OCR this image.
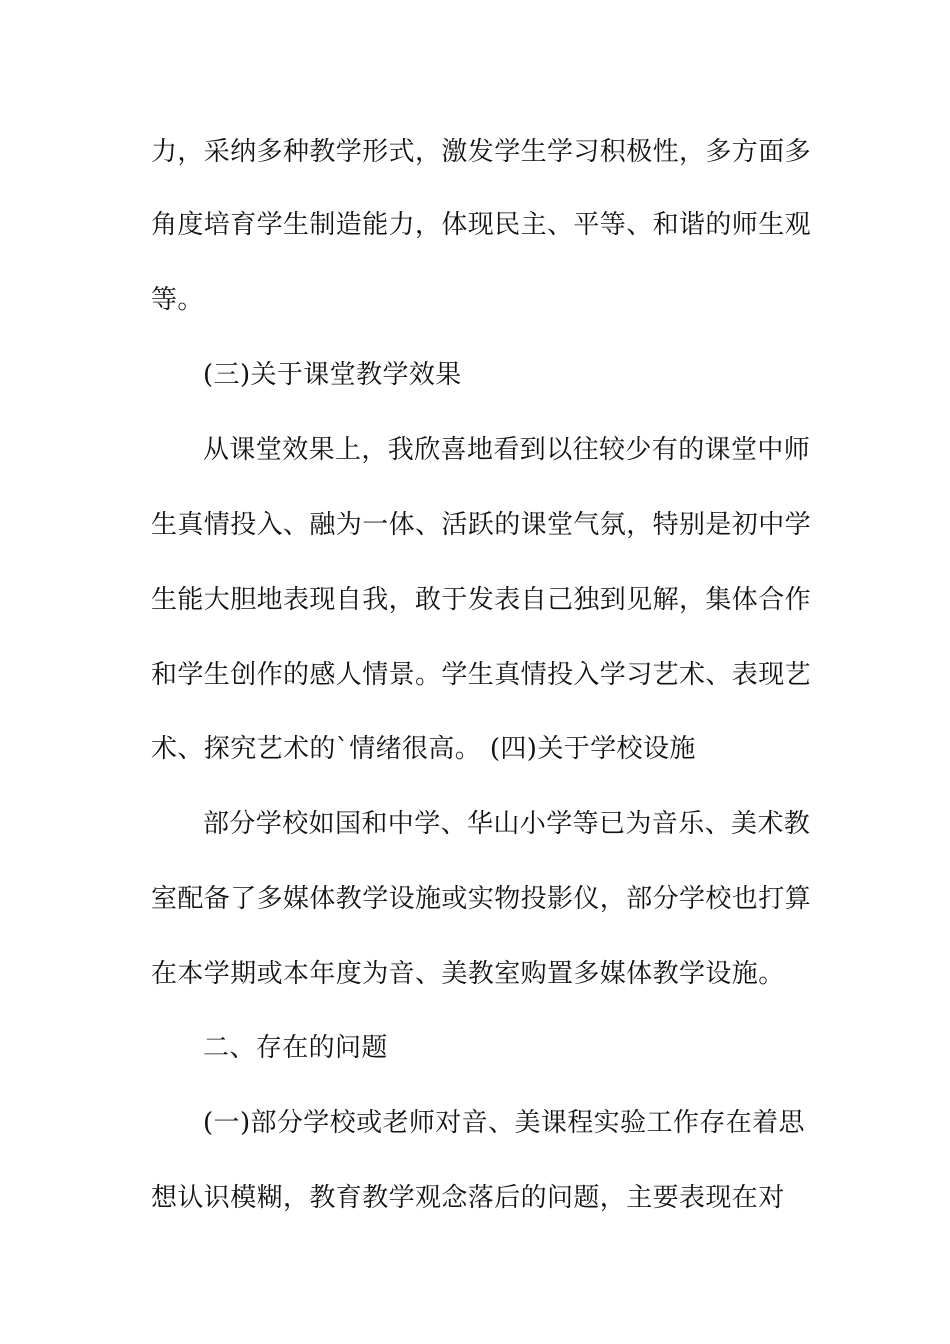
力，采纳多种教学形式，激发学生学习积极性，多方面多
角度培育学生制造能力，体现民主、平等、和谐的师生观
等。
(三)关于课堂教学效果
从课堂效果上，我欣喜地看到以往较少有的课堂中师
生真情投入、融为一体、活跃的课堂气氛，特别是初中学
生能大胆地表现自我，敢于发表自己独到见解，集体合作
和学生创作的感人情景。学生真情投入学习艺术、表现艺
术、探究艺术的`情绪很高。 (四)关于学校设施
部分学校如国和中学、华山小学等已为音乐、美术教
室配备了多媒体教学设施或实物投影仪，部分学校也打算
在本学期或本年度为音、美教室购置多媒体教学设施。
二、存在的问题
(一)部分学校或老师对音、美课程实验工作存在着思
想认识模糊，教育教学观念落后的问题，主要表现在对
